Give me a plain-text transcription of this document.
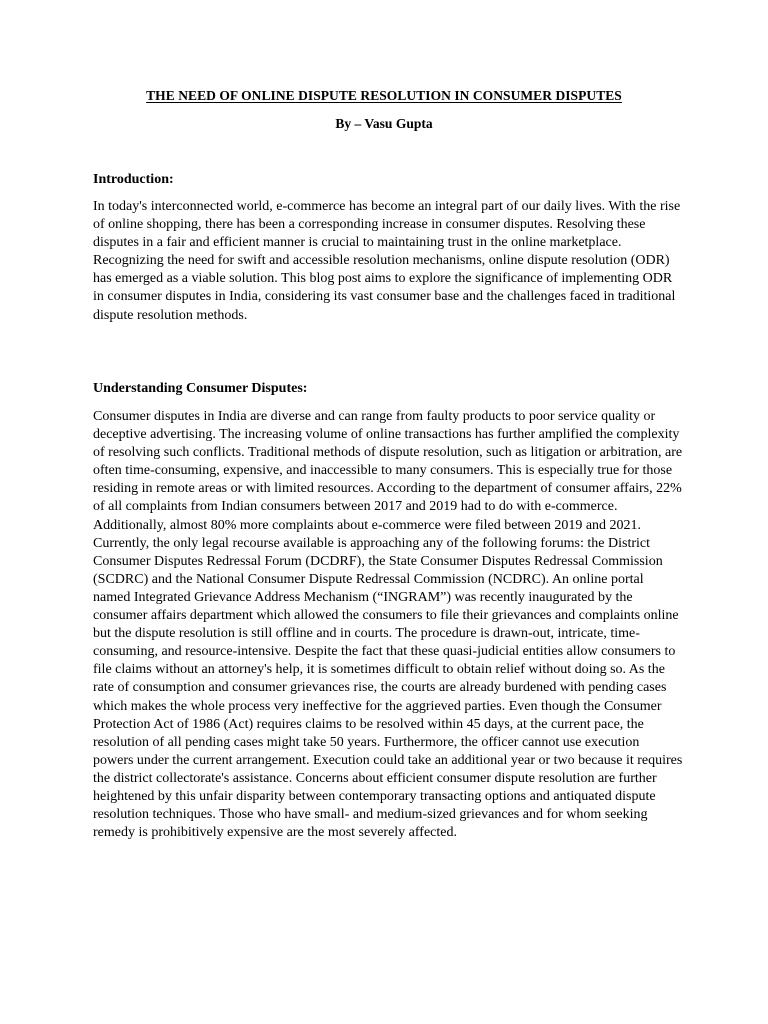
THE NEED OF ONLINE DISPUTE RESOLUTION IN CONSUMER DISPUTES
By – Vasu Gupta
Introduction:
In today's interconnected world, e-commerce has become an integral part of our daily lives. With the rise of online shopping, there has been a corresponding increase in consumer disputes. Resolving these disputes in a fair and efficient manner is crucial to maintaining trust in the online marketplace. Recognizing the need for swift and accessible resolution mechanisms, online dispute resolution (ODR) has emerged as a viable solution. This blog post aims to explore the significance of implementing ODR in consumer disputes in India, considering its vast consumer base and the challenges faced in traditional dispute resolution methods.
Understanding Consumer Disputes:
Consumer disputes in India are diverse and can range from faulty products to poor service quality or deceptive advertising. The increasing volume of online transactions has further amplified the complexity of resolving such conflicts. Traditional methods of dispute resolution, such as litigation or arbitration, are often time-consuming, expensive, and inaccessible to many consumers. This is especially true for those residing in remote areas or with limited resources. According to the department of consumer affairs, 22% of all complaints from Indian consumers between 2017 and 2019 had to do with e-commerce. Additionally, almost 80% more complaints about e-commerce were filed between 2019 and 2021. Currently, the only legal recourse available is approaching any of the following forums: the District Consumer Disputes Redressal Forum (DCDRF), the State Consumer Disputes Redressal Commission (SCDRC) and the National Consumer Dispute Redressal Commission (NCDRC). An online portal named Integrated Grievance Address Mechanism (“INGRAM”) was recently inaugurated by the consumer affairs department which allowed the consumers to file their grievances and complaints online but the dispute resolution is still offline and in courts. The procedure is drawn-out, intricate, time-consuming, and resource-intensive. Despite the fact that these quasi-judicial entities allow consumers to file claims without an attorney's help, it is sometimes difficult to obtain relief without doing so. As the rate of consumption and consumer grievances rise, the courts are already burdened with pending cases which makes the whole process very ineffective for the aggrieved parties. Even though the Consumer Protection Act of 1986 (Act) requires claims to be resolved within 45 days, at the current pace, the resolution of all pending cases might take 50 years. Furthermore, the officer cannot use execution powers under the current arrangement. Execution could take an additional year or two because it requires the district collectorate's assistance. Concerns about efficient consumer dispute resolution are further heightened by this unfair disparity between contemporary transacting options and antiquated dispute resolution techniques. Those who have small- and medium-sized grievances and for whom seeking remedy is prohibitively expensive are the most severely affected.
